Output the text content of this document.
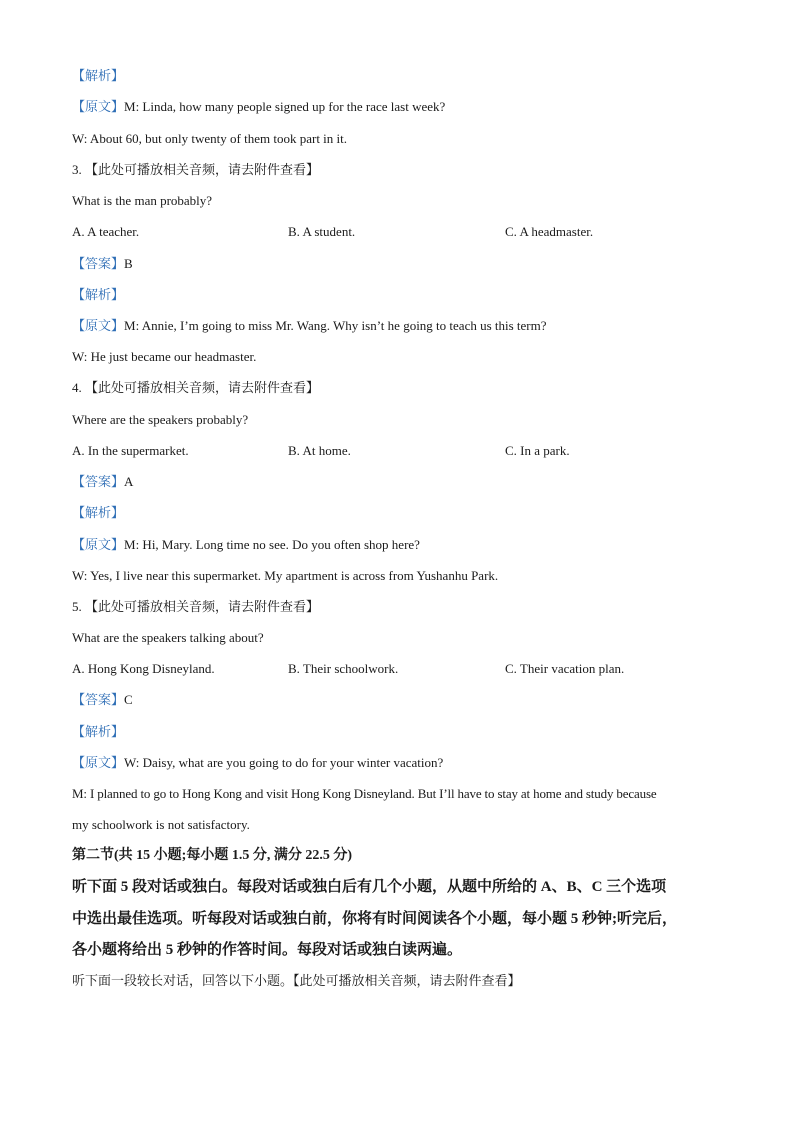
【解析】
【原文】M: Linda, how many people signed up for the race last week?
W: About 60, but only twenty of them took part in it.
3. 【此处可播放相关音频，请去附件查看】
What is the man probably?
A. A teacher.	B. A student.	C. A headmaster.
【答案】B
【解析】
【原文】M: Annie, I’m going to miss Mr. Wang. Why isn’t he going to teach us this term?
W: He just became our headmaster.
4. 【此处可播放相关音频，请去附件查看】
Where are the speakers probably?
A. In the supermarket.	B. At home.	C. In a park.
【答案】A
【解析】
【原文】M: Hi, Mary. Long time no see. Do you often shop here?
W: Yes, I live near this supermarket. My apartment is across from Yushanhu Park.
5. 【此处可播放相关音频，请去附件查看】
What are the speakers talking about?
A. Hong Kong Disneyland.	B. Their schoolwork.	C. Their vacation plan.
【答案】C
【解析】
【原文】W: Daisy, what are you going to do for your winter vacation?
M: I planned to go to Hong Kong and visit Hong Kong Disneyland. But I’ll have to stay at home and study because
my schoolwork is not satisfactory.
第二节(共 15 小题;每小题 1.5 分, 满分 22.5 分)
听下面 5 段对话或独白。每段对话或独白后有几个小题，从题中所给的 A、B、C 三个选项
中选出最佳选项。听每段对话或独白前，你将有时间阅读各个小题，每小题 5 秒钟;听完后，
各小题将给出 5 秒钟的作答时间。每段对话或独白读两遍。
听下面一段较长对话，回答以下小题。【此处可播放相关音频，请去附件查看】
